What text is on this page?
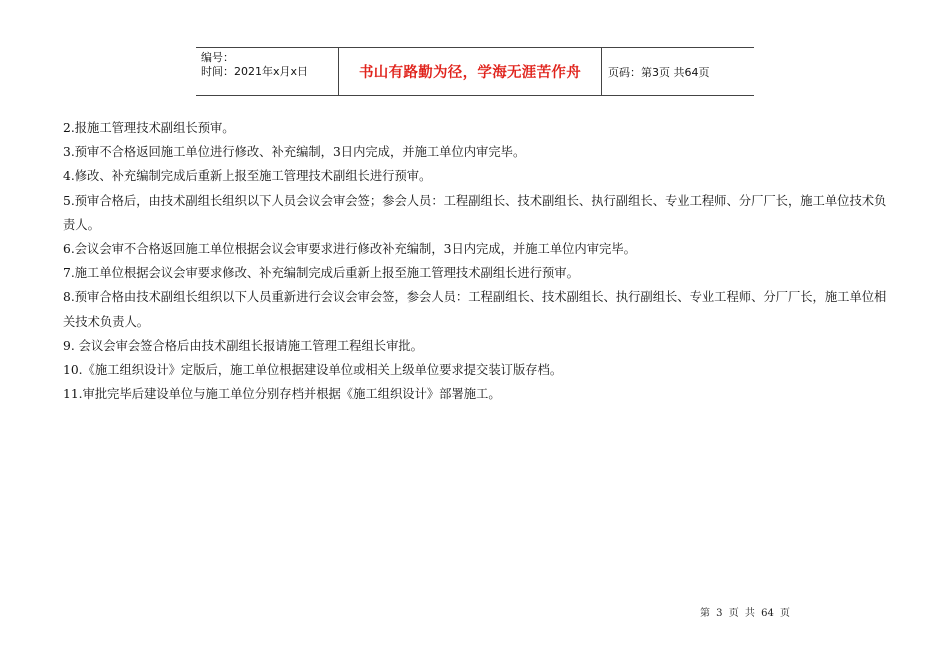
编号：
时间：2021年x月x日	书山有路勤为径，学海无涯苦作舟	页码：第3页 共64页

2.报施工管理技术副组长预审。

3.预审不合格返回施工单位进行修改、补充编制，3日内完成，并施工单位内审完毕。

4.修改、补充编制完成后重新上报至施工管理技术副组长进行预审。

5.预审合格后，由技术副组长组织以下人员会议会审会签；参会人员：工程副组长、技术副组长、执行副组长、专业工程师、分厂厂长，施工单位技术负责人。

6.会议会审不合格返回施工单位根据会议会审要求进行修改补充编制，3日内完成，并施工单位内审完毕。

7.施工单位根据会议会审要求修改、补充编制完成后重新上报至施工管理技术副组长进行预审。

8.预审合格由技术副组长组织以下人员重新进行会议会审会签，参会人员：工程副组长、技术副组长、执行副组长、专业工程师、分厂厂长，施工单位相关技术负责人。

9. 会议会审会签合格后由技术副组长报请施工管理工程组长审批。

10.《施工组织设计》定版后，施工单位根据建设单位或相关上级单位要求提交装订版存档。

11.审批完毕后建设单位与施工单位分别存档并根据《施工组织设计》部署施工。

第 3 页 共 64 页
